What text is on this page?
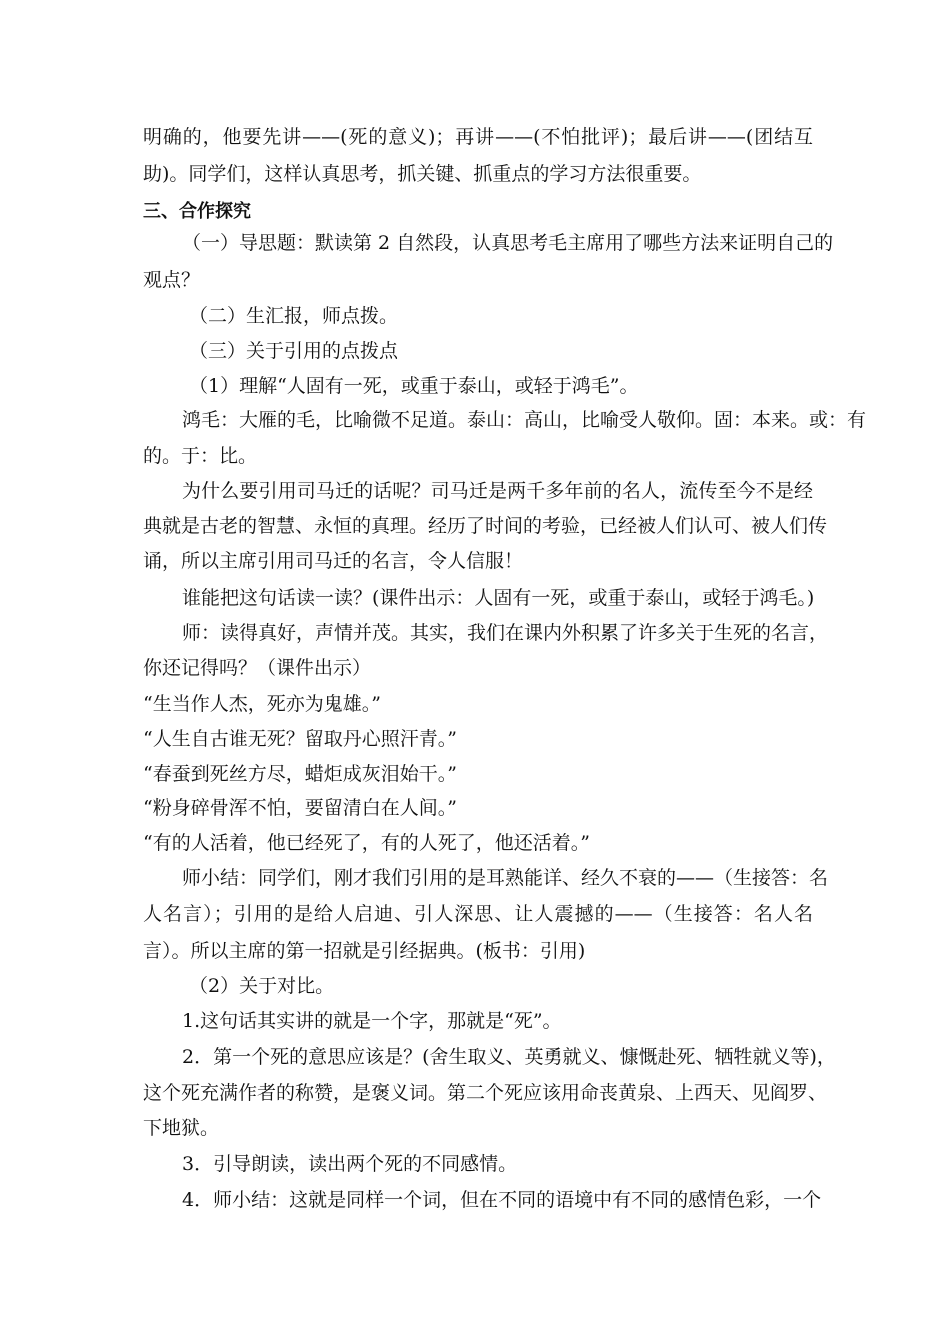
明确的，他要先讲——(死的意义)；再讲——(不怕批评)；最后讲——(团结互
助)。同学们，这样认真思考，抓关键、抓重点的学习方法很重要。
三、合作探究
（一）导思题：默读第 2 自然段，认真思考毛主席用了哪些方法来证明自己的
观点？
（二）生汇报，师点拨。
（三）关于引用的点拨点
（1）理解“人固有一死，或重于泰山，或轻于鸿毛”。
鸿毛：大雁的毛，比喻微不足道。泰山：高山，比喻受人敬仰。固：本来。或：有
的。于：比。
为什么要引用司马迁的话呢？司马迁是两千多年前的名人，流传至今不是经
典就是古老的智慧、永恒的真理。经历了时间的考验，已经被人们认可、被人们传
诵，所以主席引用司马迁的名言，令人信服！
谁能把这句话读一读？(课件出示：人固有一死，或重于泰山，或轻于鸿毛。)
师：读得真好，声情并茂。其实，我们在课内外积累了许多关于生死的名言，
你还记得吗？（课件出示）
“生当作人杰，死亦为鬼雄。”
“人生自古谁无死？留取丹心照汗青。”
“春蚕到死丝方尽，蜡炬成灰泪始干。”
“粉身碎骨浑不怕，要留清白在人间。”
“有的人活着，他已经死了，有的人死了，他还活着。”
师小结：同学们，刚才我们引用的是耳熟能详、经久不衰的——（生接答：名
人名言）；引用的是给人启迪、引人深思、让人震撼的——（生接答：名人名
言）。所以主席的第一招就是引经据典。(板书：引用)
（2）关于对比。
1.这句话其实讲的就是一个字，那就是“死”。
2．第一个死的意思应该是？(舍生取义、英勇就义、慷慨赴死、牺牲就义等)，
这个死充满作者的称赞，是褒义词。第二个死应该用命丧黄泉、上西天、见阎罗、
下地狱。
3．引导朗读，读出两个死的不同感情。
4．师小结：这就是同样一个词，但在不同的语境中有不同的感情色彩，一个
